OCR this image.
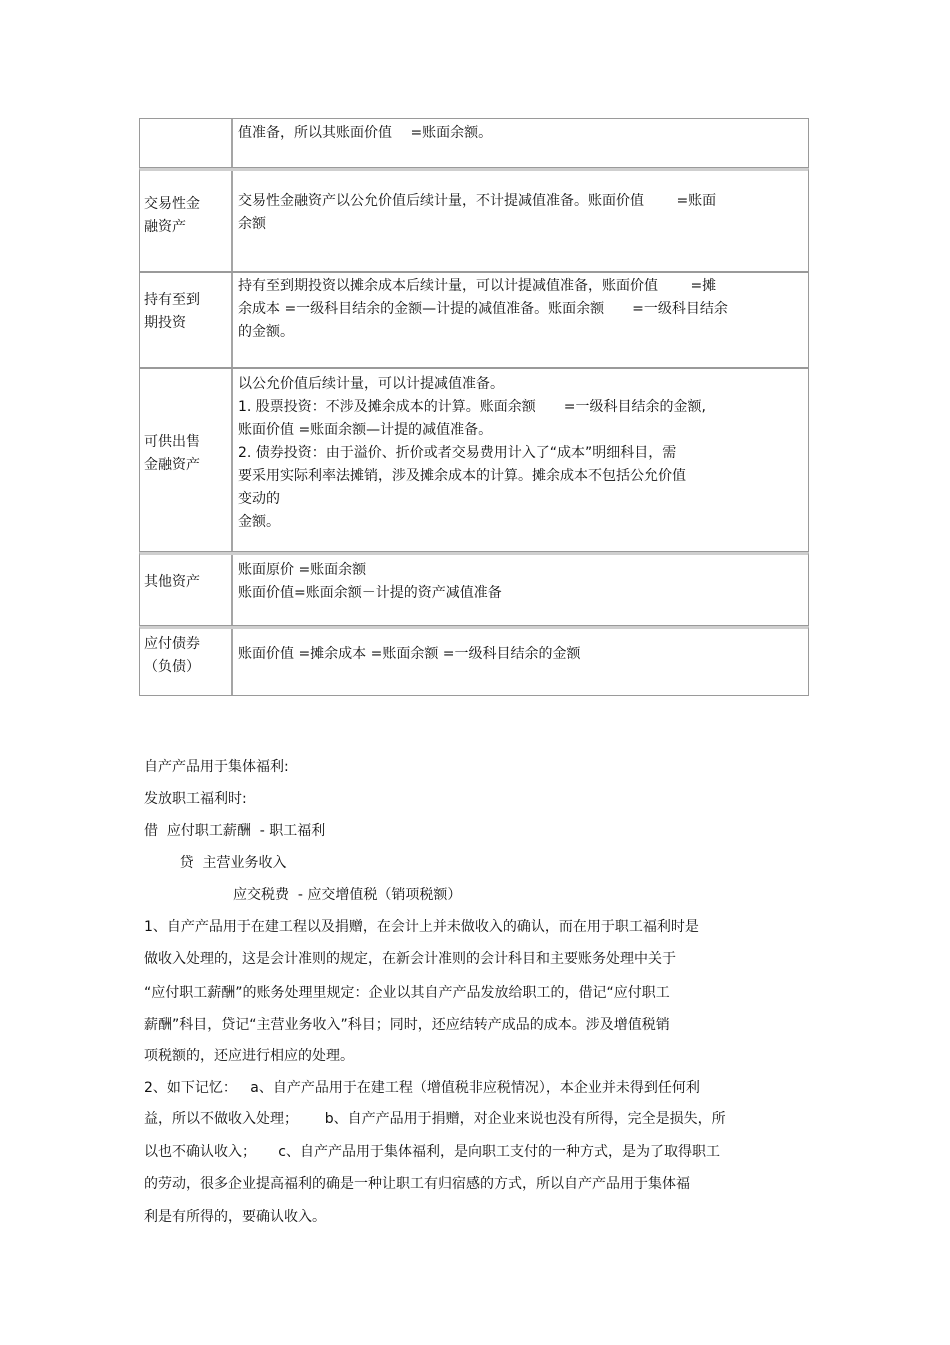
值准备，所以其账面价值　 =账面余额。
交易性金
融资产
交易性金融资产以公允价值后续计量，不计提减值准备。账面价值　　 =账面
余额
持有至到
期投资
持有至到期投资以摊余成本后续计量，可以计提减值准备，账面价值　　 =摊
余成本 =一级科目结余的金额—计提的减值准备。账面余额　　=一级科目结余
的金额。
可供出售
金融资产
以公允价值后续计量，可以计提减值准备。
1. 股票投资：不涉及摊余成本的计算。账面余额　　=一级科目结余的金额,
账面价值 =账面余额—计提的减值准备。
2. 债券投资：由于溢价、折价或者交易费用计入了“成本”明细科目，需
要采用实际利率法摊销，涉及摊余成本的计算。摊余成本不包括公允价值
变动的
金额。
其他资产
账面原价 =账面余额
账面价值=账面余额－计提的资产减值准备
应付债券
（负债）
账面价值 =摊余成本 =账面余额 =一级科目结余的金额
自产产品用于集体福利:
发放职工福利时:
借  应付职工薪酬  - 职工福利
贷  主营业务收入
应交税费  - 应交增值税（销项税额）
1、自产产品用于在建工程以及捐赠，在会计上并未做收入的确认，而在用于职工福利时是
做收入处理的，这是会计准则的规定，在新会计准则的会计科目和主要账务处理中关于
“应付职工薪酬”的账务处理里规定：企业以其自产产品发放给职工的，借记“应付职工
薪酬”科目，贷记“主营业务收入”科目；同时，还应结转产成品的成本。涉及增值税销
项税额的，还应进行相应的处理。
2、如下记忆：   a、自产产品用于在建工程（增值税非应税情况），本企业并未得到任何利
益，所以不做收入处理；      b、自产产品用于捐赠，对企业来说也没有所得，完全是损失，所
以也不确认收入；     c、自产产品用于集体福利，是向职工支付的一种方式，是为了取得职工
的劳动，很多企业提高福利的确是一种让职工有归宿感的方式，所以自产产品用于集体福
利是有所得的，要确认收入。
